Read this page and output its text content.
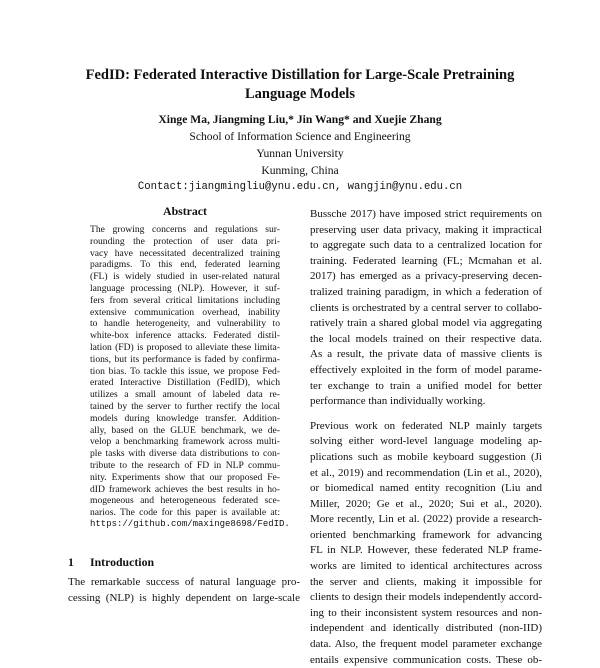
FedID: Federated Interactive Distillation for Large-Scale Pretraining
Language Models
Xinge Ma, Jiangming Liu,* Jin Wang* and Xuejie Zhang
School of Information Science and Engineering
Yunnan University
Kunming, China
Contact:jiangmingliu@ynu.edu.cn, wangjin@ynu.edu.cn
Abstract
The growing concerns and regulations sur-
rounding the protection of user data pri-
vacy have necessitated decentralized training
paradigms. To this end, federated learning
(FL) is widely studied in user-related natural
language processing (NLP). However, it suf-
fers from several critical limitations including
extensive communication overhead, inability
to handle heterogeneity, and vulnerability to
white-box inference attacks. Federated distil-
lation (FD) is proposed to alleviate these limita-
tions, but its performance is faded by confirma-
tion bias. To tackle this issue, we propose Fed-
erated Interactive Distillation (FedID), which
utilizes a small amount of labeled data re-
tained by the server to further rectify the local
models during knowledge transfer. Addition-
ally, based on the GLUE benchmark, we de-
velop a benchmarking framework across multi-
ple tasks with diverse data distributions to con-
tribute to the research of FD in NLP commu-
nity. Experiments show that our proposed Fe-
dID framework achieves the best results in ho-
mogeneous and heterogeneous federated sce-
narios. The code for this paper is available at:
https://github.com/maxinge8698/FedID.
1 Introduction
The remarkable success of natural language pro-
cessing (NLP) is highly dependent on large-scale
Bussche 2017) have imposed strict requirements on
preserving user data privacy, making it impractical
to aggregate such data to a centralized location for
training. Federated learning (FL; Mcmahan et al.
2017) has emerged as a privacy-preserving decen-
tralized training paradigm, in which a federation of
clients is orchestrated by a central server to collabo-
ratively train a shared global model via aggregating
the local models trained on their respective data.
As a result, the private data of massive clients is
effectively exploited in the form of model parame-
ter exchange to train a unified model for better
performance than individually working.
Previous work on federated NLP mainly targets
solving either word-level language modeling ap-
plications such as mobile keyboard suggestion (Ji
et al., 2019) and recommendation (Lin et al., 2020),
or biomedical named entity recognition (Liu and
Miller, 2020; Ge et al., 2020; Sui et al., 2020).
More recently, Lin et al. (2022) provide a research-
oriented benchmarking framework for advancing
FL in NLP. However, these federated NLP frame-
works are limited to identical architectures across
the server and clients, making it impossible for
clients to design their models independently accord-
ing to their inconsistent system resources and non-
independent and identically distributed (non-IID)
data. Also, the frequent model parameter exchange
entails expensive communication costs. These ob-
